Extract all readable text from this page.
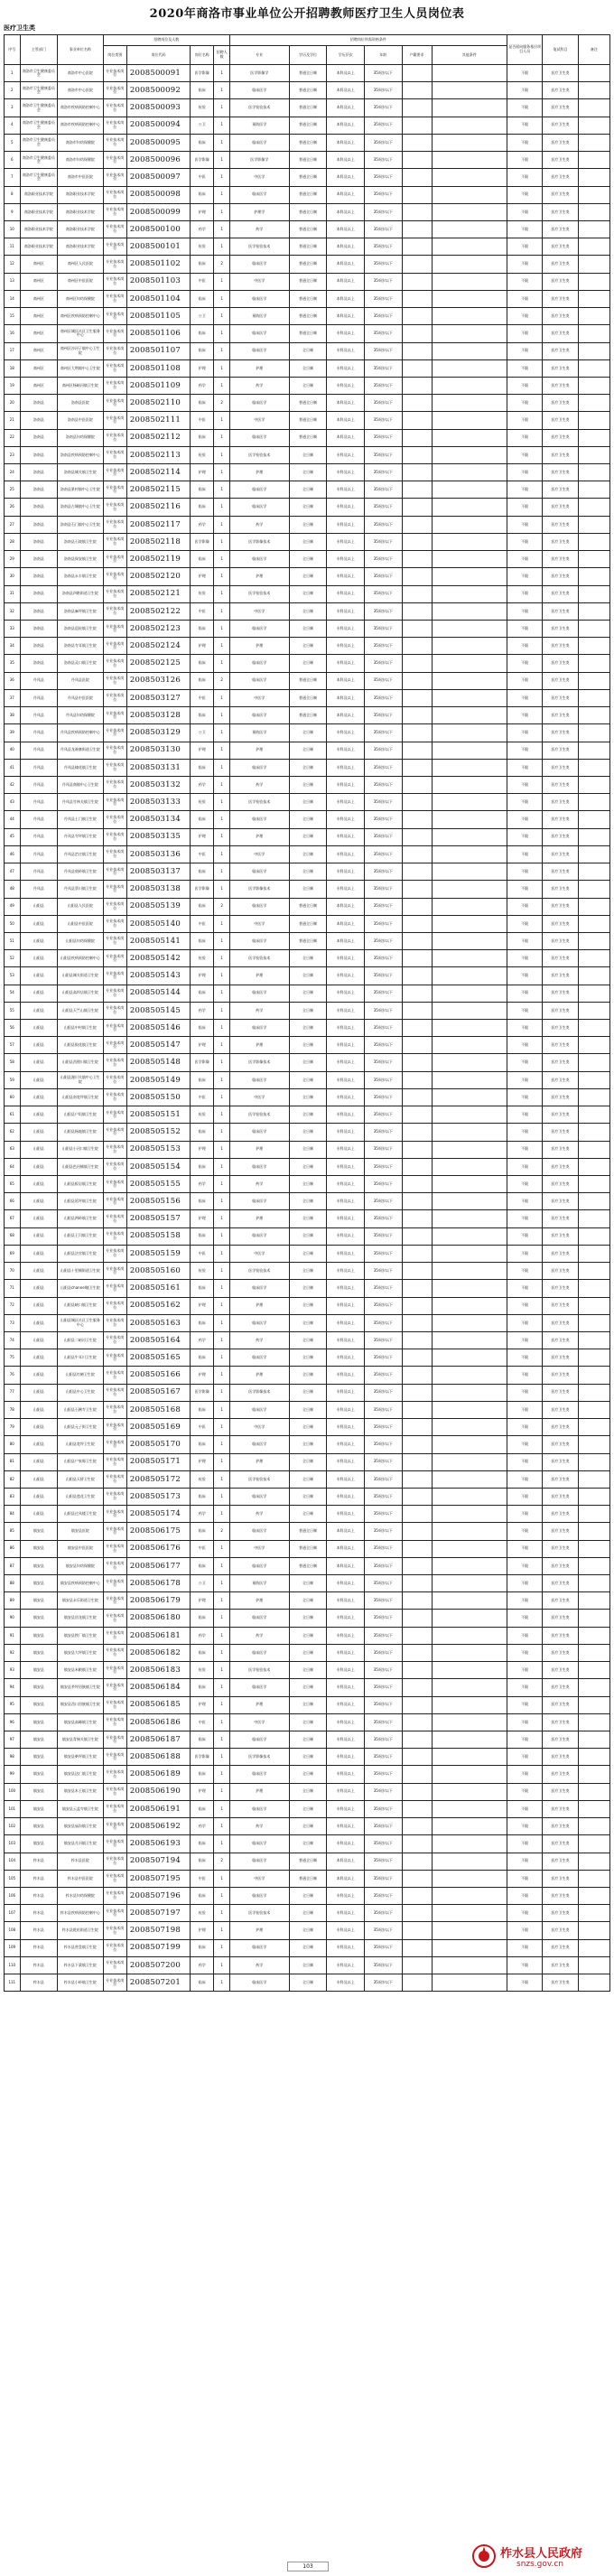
2020年商洛市事业单位公开招聘教师医疗卫生人员岗位表
医疗卫生类
序号	主管部门	事业单位名称	招聘岗位及人数				招聘岗位所需资格条件						是否面向服务基层项目人员	笔试科目	备注
			岗位类别	岗位代码	岗位名称	招聘人数	专业	学历及学位	学历层次	年龄	户籍要求	其他条件			
1	商洛市卫生健康委员会	商洛市中心医院	专业技术岗位	2008500091	医学影像	1	医学影像学	普通全日制	本科及以上	35周岁以下			不限	医疗卫生类	
2	商洛市卫生健康委员会	商洛市中心医院	专业技术岗位	2008500092	临床	1	临床医学	普通全日制	本科及以上	35周岁以下			不限	医疗卫生类	
3	商洛市卫生健康委员会	商洛市疾病预防控制中心	专业技术岗位	2008500093	检验	1	医学检验技术	普通全日制	本科及以上	35周岁以下			不限	医疗卫生类	
4	商洛市卫生健康委员会	商洛市疾病预防控制中心	专业技术岗位	2008500094	公卫	1	预防医学	普通全日制	本科及以上	35周岁以下			不限	医疗卫生类	
5	商洛市卫生健康委员会	商洛市妇幼保健院	专业技术岗位	2008500095	临床	1	临床医学	普通全日制	本科及以上	35周岁以下			不限	医疗卫生类	
6	商洛市卫生健康委员会	商洛市妇幼保健院	专业技术岗位	2008500096	医学影像	1	医学影像学	普通全日制	本科及以上	35周岁以下			不限	医疗卫生类	
7	商洛市卫生健康委员会	商洛市中医医院	专业技术岗位	2008500097	中医	1	中医学	普通全日制	本科及以上	35周岁以下			不限	医疗卫生类	
8	商洛职业技术学院	商洛职业技术学院	专业技术岗位	2008500098	临床	1	临床医学	普通全日制	本科及以上	35周岁以下			不限	医疗卫生类	
9	商洛职业技术学院	商洛职业技术学院	专业技术岗位	2008500099	护理	1	护理学	普通全日制	本科及以上	35周岁以下			不限	医疗卫生类	
10	商洛职业技术学院	商洛职业技术学院	专业技术岗位	2008500100	药学	1	药学	普通全日制	本科及以上	35周岁以下			不限	医疗卫生类	
11	商洛职业技术学院	商洛职业技术学院	专业技术岗位	2008500101	检验	1	医学检验技术	普通全日制	本科及以上	35周岁以下			不限	医疗卫生类	
12	商州区	商州区人民医院	专业技术岗位	2008501102	临床	2	临床医学	普通全日制	本科及以上	35周岁以下			不限	医疗卫生类	
13	商州区	商州区中医医院	专业技术岗位	2008501103	中医	1	中医学	普通全日制	本科及以上	35周岁以下			不限	医疗卫生类	
14	商州区	商州区妇幼保健院	专业技术岗位	2008501104	临床	1	临床医学	普通全日制	本科及以上	35周岁以下			不限	医疗卫生类	
15	商州区	商州区疾病预防控制中心	专业技术岗位	2008501105	公卫	1	预防医学	普通全日制	本科及以上	35周岁以下			不限	医疗卫生类	
16	商州区	商州区城区社区卫生服务中心	专业技术岗位	2008501106	临床	1	临床医学	普通全日制	专科及以上	35周岁以下			不限	医疗卫生类	
17	商州区	商州区沙河子镇中心卫生院	专业技术岗位	2008501107	临床	1	临床医学	全日制	专科及以上	35周岁以下			不限	医疗卫生类	
18	商州区	商州区大荆镇中心卫生院	专业技术岗位	2008501108	护理	1	护理	全日制	专科及以上	35周岁以下			不限	医疗卫生类	
19	商州区	商州区杨峪河镇卫生院	专业技术岗位	2008501109	药学	1	药学	全日制	专科及以上	35周岁以下			不限	医疗卫生类	
20	洛南县	洛南县医院	专业技术岗位	2008502110	临床	2	临床医学	普通全日制	本科及以上	35周岁以下			不限	医疗卫生类	
21	洛南县	洛南县中医医院	专业技术岗位	2008502111	中医	1	中医学	普通全日制	本科及以上	35周岁以下			不限	医疗卫生类	
22	洛南县	洛南县妇幼保健院	专业技术岗位	2008502112	临床	1	临床医学	普通全日制	本科及以上	35周岁以下			不限	医疗卫生类	
23	洛南县	洛南县疾病预防控制中心	专业技术岗位	2008502113	检验	1	医学检验技术	全日制	专科及以上	35周岁以下			不限	医疗卫生类	
24	洛南县	洛南县城关镇卫生院	专业技术岗位	2008502114	护理	1	护理	全日制	专科及以上	35周岁以下			不限	医疗卫生类	
25	洛南县	洛南县景村镇中心卫生院	专业技术岗位	2008502115	临床	1	临床医学	全日制	专科及以上	35周岁以下			不限	医疗卫生类	
26	洛南县	洛南县古城镇中心卫生院	专业技术岗位	2008502116	临床	1	临床医学	全日制	专科及以上	35周岁以下			不限	医疗卫生类	
27	洛南县	洛南县石门镇中心卫生院	专业技术岗位	2008502117	药学	1	药学	全日制	专科及以上	35周岁以下			不限	医疗卫生类	
28	洛南县	洛南县石坡镇卫生院	专业技术岗位	2008502118	医学影像	1	医学影像技术	全日制	专科及以上	35周岁以下			不限	医疗卫生类	
29	洛南县	洛南县保安镇卫生院	专业技术岗位	2008502119	临床	1	临床医学	全日制	专科及以上	35周岁以下			不限	医疗卫生类	
30	洛南县	洛南县永丰镇卫生院	专业技术岗位	2008502120	护理	1	护理	全日制	专科及以上	35周岁以下			不限	医疗卫生类	
31	洛南县	洛南县四皓街道卫生院	专业技术岗位	2008502121	检验	1	医学检验技术	全日制	专科及以上	35周岁以下			不限	医疗卫生类	
32	洛南县	洛南县麻坪镇卫生院	专业技术岗位	2008502122	中医	1	中医学	全日制	专科及以上	35周岁以下			不限	医疗卫生类	
33	洛南县	洛南县巡检镇卫生院	专业技术岗位	2008502123	临床	1	临床医学	全日制	专科及以上	35周岁以下			不限	医疗卫生类	
34	洛南县	洛南县寺耳镇卫生院	专业技术岗位	2008502124	护理	1	护理	全日制	专科及以上	35周岁以下			不限	医疗卫生类	
35	洛南县	洛南县灵口镇卫生院	专业技术岗位	2008502125	临床	1	临床医学	全日制	专科及以上	35周岁以下			不限	医疗卫生类	
36	丹凤县	丹凤县医院	专业技术岗位	2008503126	临床	2	临床医学	普通全日制	本科及以上	35周岁以下			不限	医疗卫生类	
37	丹凤县	丹凤县中医医院	专业技术岗位	2008503127	中医	1	中医学	普通全日制	本科及以上	35周岁以下			不限	医疗卫生类	
38	丹凤县	丹凤县妇幼保健院	专业技术岗位	2008503128	临床	1	临床医学	普通全日制	本科及以上	35周岁以下			不限	医疗卫生类	
39	丹凤县	丹凤县疾病预防控制中心	专业技术岗位	2008503129	公卫	1	预防医学	全日制	专科及以上	35周岁以下			不限	医疗卫生类	
40	丹凤县	丹凤县龙驹寨街道卫生院	专业技术岗位	2008503130	护理	1	护理	全日制	专科及以上	35周岁以下			不限	医疗卫生类	
41	丹凤县	丹凤县棣花镇卫生院	专业技术岗位	2008503131	临床	1	临床医学	全日制	专科及以上	35周岁以下			不限	医疗卫生类	
42	丹凤县	丹凤县商镇中心卫生院	专业技术岗位	2008503132	药学	1	药学	全日制	专科及以上	35周岁以下			不限	医疗卫生类	
43	丹凤县	丹凤县竹林关镇卫生院	专业技术岗位	2008503133	检验	1	医学检验技术	全日制	专科及以上	35周岁以下			不限	医疗卫生类	
44	丹凤县	丹凤县土门镇卫生院	专业技术岗位	2008503134	临床	1	临床医学	全日制	专科及以上	35周岁以下			不限	医疗卫生类	
45	丹凤县	丹凤县寺坪镇卫生院	专业技术岗位	2008503135	护理	1	护理	全日制	专科及以上	35周岁以下			不限	医疗卫生类	
46	丹凤县	丹凤县峦庄镇卫生院	专业技术岗位	2008503136	中医	1	中医学	全日制	专科及以上	35周岁以下			不限	医疗卫生类	
47	丹凤县	丹凤县庾岭镇卫生院	专业技术岗位	2008503137	临床	1	临床医学	全日制	专科及以上	35周岁以下			不限	医疗卫生类	
48	丹凤县	丹凤县蔡川镇卫生院	专业技术岗位	2008503138	医学影像	1	医学影像技术	全日制	专科及以上	35周岁以下			不限	医疗卫生类	
49	山阳县	山阳县人民医院	专业技术岗位	2008505139	临床	2	临床医学	普通全日制	本科及以上	35周岁以下			不限	医疗卫生类	
50	山阳县	山阳县中医医院	专业技术岗位	2008505140	中医	1	中医学	普通全日制	本科及以上	35周岁以下			不限	医疗卫生类	
51	山阳县	山阳县妇幼保健院	专业技术岗位	2008505141	临床	1	临床医学	普通全日制	本科及以上	35周岁以下			不限	医疗卫生类	
52	山阳县	山阳县疾病预防控制中心	专业技术岗位	2008505142	检验	1	医学检验技术	全日制	专科及以上	35周岁以下			不限	医疗卫生类	
53	山阳县	山阳县城关街道卫生院	专业技术岗位	2008505143	护理	1	护理	全日制	专科及以上	35周岁以下			不限	医疗卫生类	
54	山阳县	山阳县高坝店镇卫生院	专业技术岗位	2008505144	临床	1	临床医学	全日制	专科及以上	35周岁以下			不限	医疗卫生类	
55	山阳县	山阳县天竺山镇卫生院	专业技术岗位	2008505145	药学	1	药学	全日制	专科及以上	35周岁以下			不限	医疗卫生类	
56	山阳县	山阳县中村镇卫生院	专业技术岗位	2008505146	临床	1	临床医学	全日制	专科及以上	35周岁以下			不限	医疗卫生类	
57	山阳县	山阳县银花镇卫生院	专业技术岗位	2008505147	护理	1	护理	全日制	专科及以上	35周岁以下			不限	医疗卫生类	
58	山阳县	山阳县西照川镇卫生院	专业技术岗位	2008505148	医学影像	1	医学影像技术	全日制	专科及以上	35周岁以下			不限	医疗卫生类	
59	山阳县	山阳县漫川关镇中心卫生院	专业技术岗位	2008505149	临床	1	临床医学	全日制	专科及以上	35周岁以下			不限	医疗卫生类	
60	山阳县	山阳县南宽坪镇卫生院	专业技术岗位	2008505150	中医	1	中医学	全日制	专科及以上	35周岁以下			不限	医疗卫生类	
61	山阳县	山阳县户垣镇卫生院	专业技术岗位	2008505151	检验	1	医学检验技术	全日制	专科及以上	35周岁以下			不限	医疗卫生类	
62	山阳县	山阳县杨地镇卫生院	专业技术岗位	2008505152	临床	1	临床医学	全日制	专科及以上	35周岁以下			不限	医疗卫生类	
63	山阳县	山阳县小河口镇卫生院	专业技术岗位	2008505153	护理	1	护理	全日制	专科及以上	35周岁以下			不限	医疗卫生类	
64	山阳县	山阳县色河铺镇卫生院	专业技术岗位	2008505154	临床	1	临床医学	全日制	专科及以上	35周岁以下			不限	医疗卫生类	
65	山阳县	山阳县板岩镇卫生院	专业技术岗位	2008505155	药学	1	药学	全日制	专科及以上	35周岁以下			不限	医疗卫生类	
66	山阳县	山阳县延坪镇卫生院	专业技术岗位	2008505156	临床	1	临床医学	全日制	专科及以上	35周岁以下			不限	医疗卫生类	
67	山阳县	山阳县两岭镇卫生院	专业技术岗位	2008505157	护理	1	护理	全日制	专科及以上	35周岁以下			不限	医疗卫生类	
68	山阳县	山阳县王闫镇卫生院	专业技术岗位	2008505158	临床	1	临床医学	全日制	专科及以上	35周岁以下			不限	医疗卫生类	
69	山阳县	山阳县法官镇卫生院	专业技术岗位	2008505159	中医	1	中医学	全日制	专科及以上	35周岁以下			不限	医疗卫生类	
70	山阳县	山阳县十里铺街道卫生院	专业技术岗位	2008505160	检验	1	医学检验技术	全日制	专科及以上	35周岁以下			不限	医疗卫生类	
71	山阳县	山阳县channel镇卫生院	专业技术岗位	2008505161	临床	1	临床医学	全日制	专科及以上	35周岁以下			不限	医疗卫生类	
72	山阳县	山阳县峡口镇卫生院	专业技术岗位	2008505162	护理	1	护理	全日制	专科及以上	35周岁以下			不限	医疗卫生类	
73	山阳县	山阳县城区社区卫生服务中心	专业技术岗位	2008505163	临床	1	临床医学	全日制	专科及以上	35周岁以下			不限	医疗卫生类	
74	山阳县	山阳县二峪河卫生院	专业技术岗位	2008505164	药学	1	药学	全日制	专科及以上	35周岁以下			不限	医疗卫生类	
75	山阳县	山阳县牛耳川卫生院	专业技术岗位	2008505165	临床	1	临床医学	全日制	专科及以上	35周岁以下			不限	医疗卫生类	
76	山阳县	山阳县红椿卫生院	专业技术岗位	2008505166	护理	1	护理	全日制	专科及以上	35周岁以下			不限	医疗卫生类	
77	山阳县	山阳县中心卫生院	专业技术岗位	2008505167	医学影像	1	医学影像技术	全日制	专科及以上	35周岁以下			不限	医疗卫生类	
78	山阳县	山阳县石佛寺卫生院	专业技术岗位	2008505168	临床	1	临床医学	全日制	专科及以上	35周岁以下			不限	医疗卫生类	
79	山阳县	山阳县元子街卫生院	专业技术岗位	2008505169	中医	1	中医学	全日制	专科及以上	35周岁以下			不限	医疗卫生类	
80	山阳县	山阳县宽坪卫生院	专业技术岗位	2008505170	临床	1	临床医学	全日制	专科及以上	35周岁以下			不限	医疗卫生类	
81	山阳县	山阳县户家塬卫生院	专业技术岗位	2008505171	护理	1	护理	全日制	专科及以上	35周岁以下			不限	医疗卫生类	
82	山阳县	山阳县天桥卫生院	专业技术岗位	2008505172	检验	1	医学检验技术	全日制	专科及以上	35周岁以下			不限	医疗卫生类	
83	山阳县	山阳县莲花卫生院	专业技术岗位	2008505173	临床	1	临床医学	全日制	专科及以上	35周岁以下			不限	医疗卫生类	
84	山阳县	山阳县过风楼卫生院	专业技术岗位	2008505174	药学	1	药学	全日制	专科及以上	35周岁以下			不限	医疗卫生类	
85	镇安县	镇安县医院	专业技术岗位	2008506175	临床	2	临床医学	普通全日制	本科及以上	35周岁以下			不限	医疗卫生类	
86	镇安县	镇安县中医医院	专业技术岗位	2008506176	中医	1	中医学	普通全日制	本科及以上	35周岁以下			不限	医疗卫生类	
87	镇安县	镇安县妇幼保健院	专业技术岗位	2008506177	临床	1	临床医学	普通全日制	本科及以上	35周岁以下			不限	医疗卫生类	
88	镇安县	镇安县疾病预防控制中心	专业技术岗位	2008506178	公卫	1	预防医学	全日制	专科及以上	35周岁以下			不限	医疗卫生类	
89	镇安县	镇安县永乐街道卫生院	专业技术岗位	2008506179	护理	1	护理	全日制	专科及以上	35周岁以下			不限	医疗卫生类	
90	镇安县	镇安县回龙镇卫生院	专业技术岗位	2008506180	临床	1	临床医学	全日制	专科及以上	35周岁以下			不限	医疗卫生类	
91	镇安县	镇安县铁厂镇卫生院	专业技术岗位	2008506181	药学	1	药学	全日制	专科及以上	35周岁以下			不限	医疗卫生类	
92	镇安县	镇安县大坪镇卫生院	专业技术岗位	2008506182	临床	1	临床医学	全日制	专科及以上	35周岁以下			不限	医疗卫生类	
93	镇安县	镇安县米粮镇卫生院	专业技术岗位	2008506183	检验	1	医学检验技术	全日制	专科及以上	35周岁以下			不限	医疗卫生类	
94	镇安县	镇安县茅坪回族镇卫生院	专业技术岗位	2008506184	临床	1	临床医学	全日制	专科及以上	35周岁以下			不限	医疗卫生类	
95	镇安县	镇安县西口回族镇卫生院	专业技术岗位	2008506185	护理	1	护理	全日制	专科及以上	35周岁以下			不限	医疗卫生类	
96	镇安县	镇安县高峰镇卫生院	专业技术岗位	2008506186	中医	1	中医学	全日制	专科及以上	35周岁以下			不限	医疗卫生类	
97	镇安县	镇安县青铜关镇卫生院	专业技术岗位	2008506187	临床	1	临床医学	全日制	专科及以上	35周岁以下			不限	医疗卫生类	
98	镇安县	镇安县柴坪镇卫生院	专业技术岗位	2008506188	医学影像	1	医学影像技术	全日制	专科及以上	35周岁以下			不限	医疗卫生类	
99	镇安县	镇安县达仁镇卫生院	专业技术岗位	2008506189	临床	1	临床医学	全日制	专科及以上	35周岁以下			不限	医疗卫生类	
100	镇安县	镇安县木王镇卫生院	专业技术岗位	2008506190	护理	1	护理	全日制	专科及以上	35周岁以下			不限	医疗卫生类	
101	镇安县	镇安县云盖寺镇卫生院	专业技术岗位	2008506191	临床	1	临床医学	全日制	专科及以上	35周岁以下			不限	医疗卫生类	
102	镇安县	镇安县庙沟镇卫生院	专业技术岗位	2008506192	药学	1	药学	全日制	专科及以上	35周岁以下			不限	医疗卫生类	
103	镇安县	镇安县月河镇卫生院	专业技术岗位	2008506193	临床	1	临床医学	全日制	专科及以上	35周岁以下			不限	医疗卫生类	
104	柞水县	柞水县医院	专业技术岗位	2008507194	临床	2	临床医学	普通全日制	本科及以上	35周岁以下			不限	医疗卫生类	
105	柞水县	柞水县中医医院	专业技术岗位	2008507195	中医	1	中医学	普通全日制	本科及以上	35周岁以下			不限	医疗卫生类	
106	柞水县	柞水县妇幼保健院	专业技术岗位	2008507196	临床	1	临床医学	全日制	专科及以上	35周岁以下			不限	医疗卫生类	
107	柞水县	柞水县疾病预防控制中心	专业技术岗位	2008507197	检验	1	医学检验技术	全日制	专科及以上	35周岁以下			不限	医疗卫生类	
108	柞水县	柞水县乾佑街道卫生院	专业技术岗位	2008507198	护理	1	护理	全日制	专科及以上	35周岁以下			不限	医疗卫生类	
109	柞水县	柞水县营盘镇卫生院	专业技术岗位	2008507199	临床	1	临床医学	全日制	专科及以上	35周岁以下			不限	医疗卫生类	
110	柞水县	柞水县下梁镇卫生院	专业技术岗位	2008507200	药学	1	药学	全日制	专科及以上	35周岁以下			不限	医疗卫生类	
111	柞水县	柞水县小岭镇卫生院	专业技术岗位	2008507201	临床	1	临床医学	全日制	专科及以上	35周岁以下			不限	医疗卫生类	
103
柞水县人民政府
snzs.gov.cn
